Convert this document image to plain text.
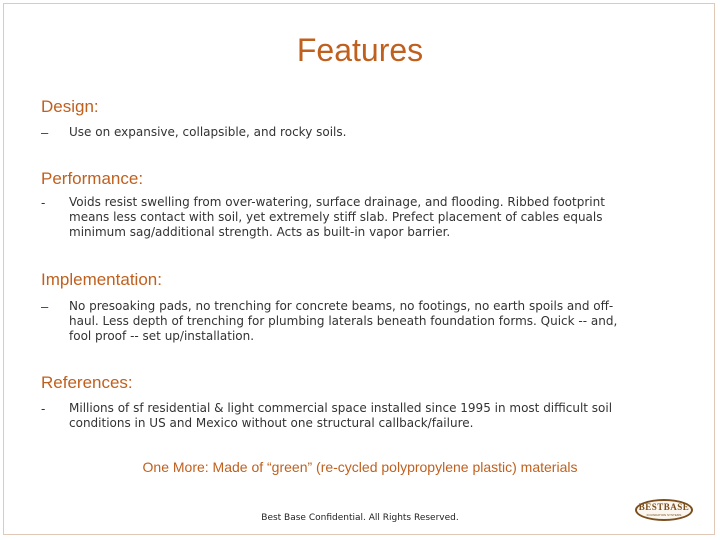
Features
Design:
– Use on expansive, collapsible, and rocky soils.
Performance:
- Voids resist swelling from over-watering, surface drainage, and flooding. Ribbed footprint
means less contact with soil, yet extremely stiff slab. Prefect placement of cables equals
minimum sag/additional strength. Acts as built-in vapor barrier.
Implementation:
– No presoaking pads, no trenching for concrete beams, no footings, no earth spoils and off-
haul. Less depth of trenching for plumbing laterals beneath foundation forms. Quick -- and,
fool proof -- set up/installation.
References:
- Millions of sf residential & light commercial space installed since 1995 in most difficult soil
conditions in US and Mexico without one structural callback/failure.
One More: Made of “green” (re-cycled polypropylene plastic) materials
Best Base Confidential. All Rights Reserved.
BESTBASE
FOUNDATION SYSTEMS
